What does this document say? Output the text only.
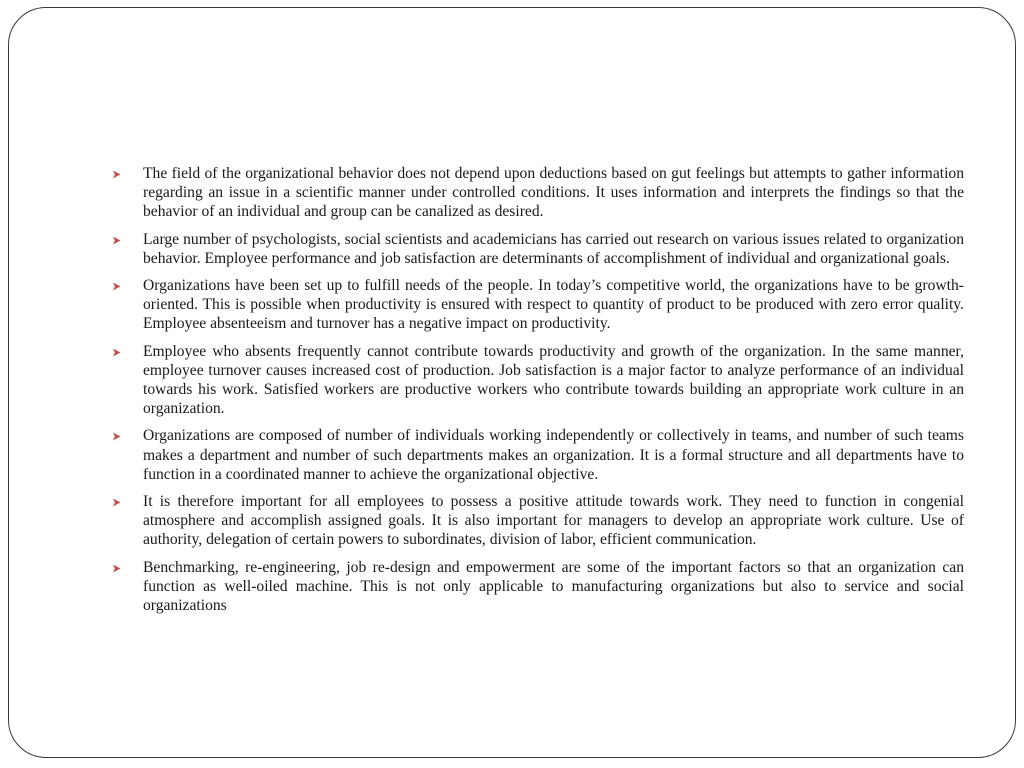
The field of the organizational behavior does not depend upon deductions based on gut feelings but attempts to gather information regarding an issue in a scientific manner under controlled conditions. It uses information and interprets the findings so that the behavior of an individual and group can be canalized as desired.
Large number of psychologists, social scientists and academicians has carried out research on various issues related to organization behavior. Employee performance and job satisfaction are determinants of accomplishment of individual and organizational goals.
Organizations have been set up to fulfill needs of the people. In today’s competitive world, the organizations have to be growth-oriented. This is possible when productivity is ensured with respect to quantity of product to be produced with zero error quality. Employee absenteeism and turnover has a negative impact on productivity.
Employee who absents frequently cannot contribute towards productivity and growth of the organization. In the same manner, employee turnover causes increased cost of production. Job satisfaction is a major factor to analyze performance of an individual towards his work. Satisfied workers are productive workers who contribute towards building an appropriate work culture in an organization.
Organizations are composed of number of individuals working independently or collectively in teams, and number of such teams makes a department and number of such departments makes an organization. It is a formal structure and all departments have to function in a coordinated manner to achieve the organizational objective.
It is therefore important for all employees to possess a positive attitude towards work. They need to function in congenial atmosphere and accomplish assigned goals. It is also important for managers to develop an appropriate work culture. Use of authority, delegation of certain powers to subordinates, division of labor, efficient communication.
Benchmarking, re-engineering, job re-design and empowerment are some of the important factors so that an organization can function as well-oiled machine. This is not only applicable to manufacturing organizations but also to service and social organizations
